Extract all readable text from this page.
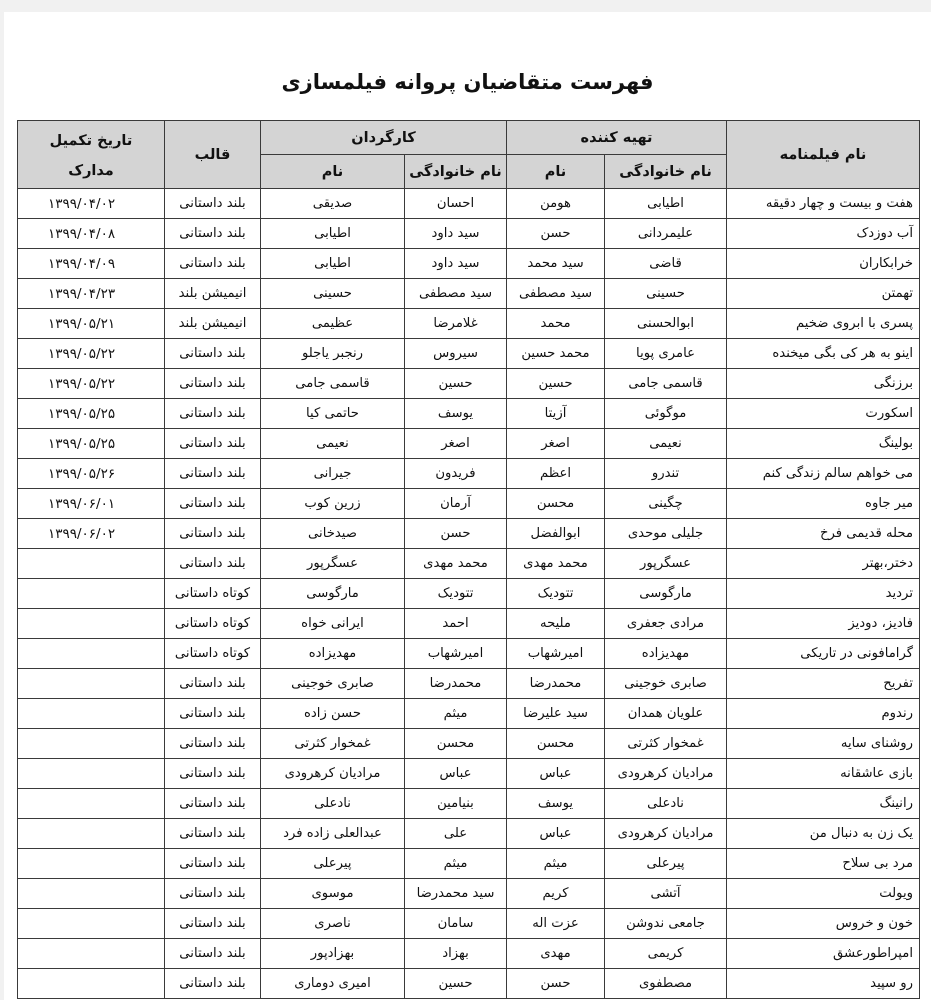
فهرست متقاضیان پروانه فیلمسازی
نام فیلمنامه	تهیه کننده		کارگردان		قالب	تاریخ تکمیل
مدارک

	نام خانوادگی	نام	نام خانوادگی	نام		
هفت و بیست و چهار دقیقه	اطیابی	هومن	احسان	صدیقی	بلند داستانی	۱۳۹۹/۰۴/۰۲
آب دوزدک	علیمردانی	حسن	سید داود	اطیابی	بلند داستانی	۱۳۹۹/۰۴/۰۸
خرابکاران	قاضی	سید محمد	سید داود	اطیابی	بلند داستانی	۱۳۹۹/۰۴/۰۹
تهمتن	حسینی	سید مصطفی	سید مصطفی	حسینی	انیمیشن بلند	۱۳۹۹/۰۴/۲۳
پسری با ابروی ضخیم	ابوالحسنی	محمد	غلامرضا	عظیمی	انیمیشن بلند	۱۳۹۹/۰۵/۲۱
اینو به هر کی بگی میخنده	عامری پویا	محمد حسین	سیروس	رنجبر یاجلو	بلند داستانی	۱۳۹۹/۰۵/۲۲
برزنگی	قاسمی جامی	حسین	حسین	قاسمی جامی	بلند داستانی	۱۳۹۹/۰۵/۲۲
اسکورت	موگوئی	آزیتا	یوسف	حاتمی کیا	بلند داستانی	۱۳۹۹/۰۵/۲۵
بولینگ	نعیمی	اصغر	اصغر	نعیمی	بلند داستانی	۱۳۹۹/۰۵/۲۵
می خواهم سالم زندگی کنم	تندرو	اعظم	فریدون	جیرانی	بلند داستانی	۱۳۹۹/۰۵/۲۶
میر جاوه	چگینی	محسن	آرمان	زرین کوب	بلند داستانی	۱۳۹۹/۰۶/۰۱
محله قدیمی فرخ	جلیلی موحدی	ابوالفضل	حسن	صیدخانی	بلند داستانی	۱۳۹۹/۰۶/۰۲
دختر،بهتر	عسگرپور	محمد مهدی	محمد مهدی	عسگرپور	بلند داستانی	
تردید	مارگوسی	تتودیک	تتودیک	مارگوسی	کوتاه داستانی	
فادیز، دودیز	مرادی جعفری	ملیحه	احمد	ایرانی خواه	کوتاه داستانی	
گرامافونی در تاریکی	مهدیزاده	امیرشهاب	امیرشهاب	مهدیزاده	کوتاه داستانی	
تفریح	صابری خوجینی	محمدرضا	محمدرضا	صابری خوجینی	بلند داستانی	
رندوم	علویان همدان	سید علیرضا	میثم	حسن زاده	بلند داستانی	
روشنای سایه	غمخوار کثرتی	محسن	محسن	غمخوار کثرتی	بلند داستانی	
بازی عاشقانه	مرادیان کرهرودی	عباس	عباس	مرادیان کرهرودی	بلند داستانی	
رانینگ	نادعلی	یوسف	بنیامین	نادعلی	بلند داستانی	
یک زن به دنبال من	مرادیان کرهرودی	عباس	علی	عبدالعلی زاده فرد	بلند داستانی	
مرد بی سلاح	پیرعلی	میثم	میثم	پیرعلی	بلند داستانی	
ویولت	آتشی	کریم	سید محمدرضا	موسوی	بلند داستانی	
خون و خروس	جامعی ندوشن	عزت اله	سامان	ناصری	بلند داستانی	
امپراطورعشق	کریمی	مهدی	بهزاد	بهزادپور	بلند داستانی	
رو سپید	مصطفوی	حسن	حسین	امیری دوماری	بلند داستانی	
